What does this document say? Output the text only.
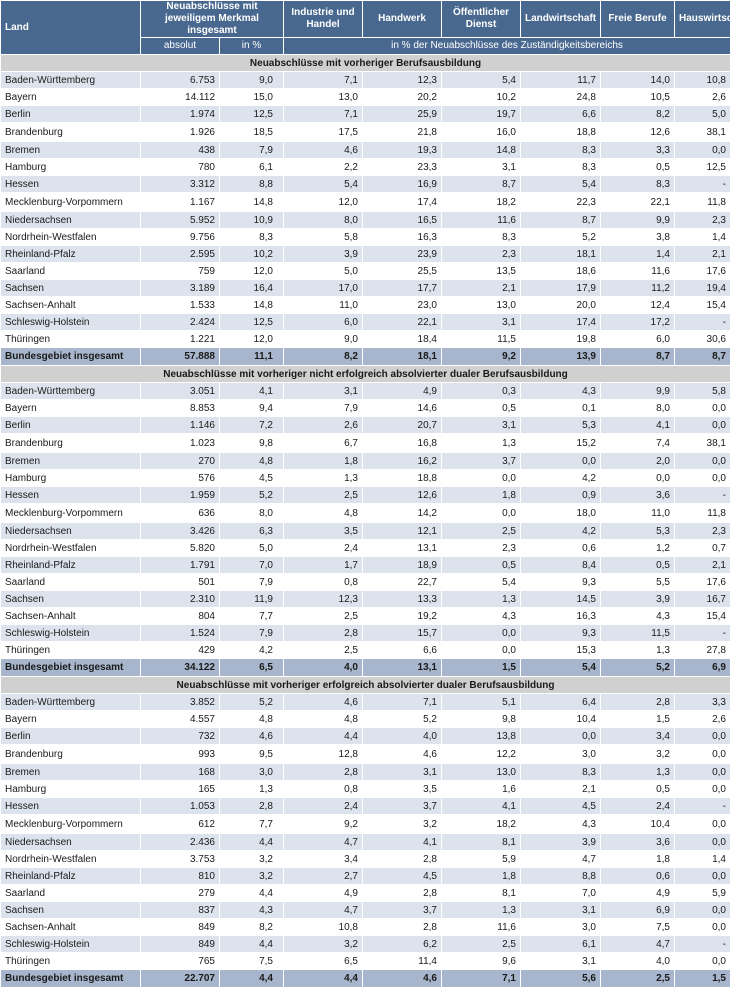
Land	Neuabschlüsse mit jeweiligem Merkmal insgesamt		Industrie und Handel	Handwerk	Öffentlicher Dienst	Landwirtschaft	Freie Berufe	Hauswirtschaft
	absolut	in %	in % der Neuabschlüsse des Zuständigkeitsbereichs					
Neuabschlüsse mit vorheriger Berufsausbildung								
Baden-Württemberg	6.753	9,0	7,1	12,3	5,4	11,7	14,0	10,8
Bayern	14.112	15,0	13,0	20,2	10,2	24,8	10,5	2,6
Berlin	1.974	12,5	7,1	25,9	19,7	6,6	8,2	5,0
Brandenburg	1.926	18,5	17,5	21,8	16,0	18,8	12,6	38,1
Bremen	438	7,9	4,6	19,3	14,8	8,3	3,3	0,0
Hamburg	780	6,1	2,2	23,3	3,1	8,3	0,5	12,5
Hessen	3.312	8,8	5,4	16,9	8,7	5,4	8,3	-
Mecklenburg-Vorpommern	1.167	14,8	12,0	17,4	18,2	22,3	22,1	11,8
Niedersachsen	5.952	10,9	8,0	16,5	11,6	8,7	9,9	2,3
Nordrhein-Westfalen	9.756	8,3	5,8	16,3	8,3	5,2	3,8	1,4
Rheinland-Pfalz	2.595	10,2	3,9	23,9	2,3	18,1	1,4	2,1
Saarland	759	12,0	5,0	25,5	13,5	18,6	11,6	17,6
Sachsen	3.189	16,4	17,0	17,7	2,1	17,9	11,2	19,4
Sachsen-Anhalt	1.533	14,8	11,0	23,0	13,0	20,0	12,4	15,4
Schleswig-Holstein	2.424	12,5	6,0	22,1	3,1	17,4	17,2	-
Thüringen	1.221	12,0	9,0	18,4	11,5	19,8	6,0	30,6
Bundesgebiet insgesamt	57.888	11,1	8,2	18,1	9,2	13,9	8,7	8,7
Neuabschlüsse mit vorheriger nicht erfolgreich absolvierter dualer Berufsausbildung								
Baden-Württemberg	3.051	4,1	3,1	4,9	0,3	4,3	9,9	5,8
Bayern	8.853	9,4	7,9	14,6	0,5	0,1	8,0	0,0
Berlin	1.146	7,2	2,6	20,7	3,1	5,3	4,1	0,0
Brandenburg	1.023	9,8	6,7	16,8	1,3	15,2	7,4	38,1
Bremen	270	4,8	1,8	16,2	3,7	0,0	2,0	0,0
Hamburg	576	4,5	1,3	18,8	0,0	4,2	0,0	0,0
Hessen	1.959	5,2	2,5	12,6	1,8	0,9	3,6	-
Mecklenburg-Vorpommern	636	8,0	4,8	14,2	0,0	18,0	11,0	11,8
Niedersachsen	3.426	6,3	3,5	12,1	2,5	4,2	5,3	2,3
Nordrhein-Westfalen	5.820	5,0	2,4	13,1	2,3	0,6	1,2	0,7
Rheinland-Pfalz	1.791	7,0	1,7	18,9	0,5	8,4	0,5	2,1
Saarland	501	7,9	0,8	22,7	5,4	9,3	5,5	17,6
Sachsen	2.310	11,9	12,3	13,3	1,3	14,5	3,9	16,7
Sachsen-Anhalt	804	7,7	2,5	19,2	4,3	16,3	4,3	15,4
Schleswig-Holstein	1.524	7,9	2,8	15,7	0,0	9,3	11,5	-
Thüringen	429	4,2	2,5	6,6	0,0	15,3	1,3	27,8
Bundesgebiet insgesamt	34.122	6,5	4,0	13,1	1,5	5,4	5,2	6,9
Neuabschlüsse mit vorheriger erfolgreich absolvierter dualer Berufsausbildung								
Baden-Württemberg	3.852	5,2	4,6	7,1	5,1	6,4	2,8	3,3
Bayern	4.557	4,8	4,8	5,2	9,8	10,4	1,5	2,6
Berlin	732	4,6	4,4	4,0	13,8	0,0	3,4	0,0
Brandenburg	993	9,5	12,8	4,6	12,2	3,0	3,2	0,0
Bremen	168	3,0	2,8	3,1	13,0	8,3	1,3	0,0
Hamburg	165	1,3	0,8	3,5	1,6	2,1	0,5	0,0
Hessen	1.053	2,8	2,4	3,7	4,1	4,5	2,4	-
Mecklenburg-Vorpommern	612	7,7	9,2	3,2	18,2	4,3	10,4	0,0
Niedersachsen	2.436	4,4	4,7	4,1	8,1	3,9	3,6	0,0
Nordrhein-Westfalen	3.753	3,2	3,4	2,8	5,9	4,7	1,8	1,4
Rheinland-Pfalz	810	3,2	2,7	4,5	1,8	8,8	0,6	0,0
Saarland	279	4,4	4,9	2,8	8,1	7,0	4,9	5,9
Sachsen	837	4,3	4,7	3,7	1,3	3,1	6,9	0,0
Sachsen-Anhalt	849	8,2	10,8	2,8	11,6	3,0	7,5	0,0
Schleswig-Holstein	849	4,4	3,2	6,2	2,5	6,1	4,7	-
Thüringen	765	7,5	6,5	11,4	9,6	3,1	4,0	0,0
Bundesgebiet insgesamt	22.707	4,4	4,4	4,6	7,1	5,6	2,5	1,5
